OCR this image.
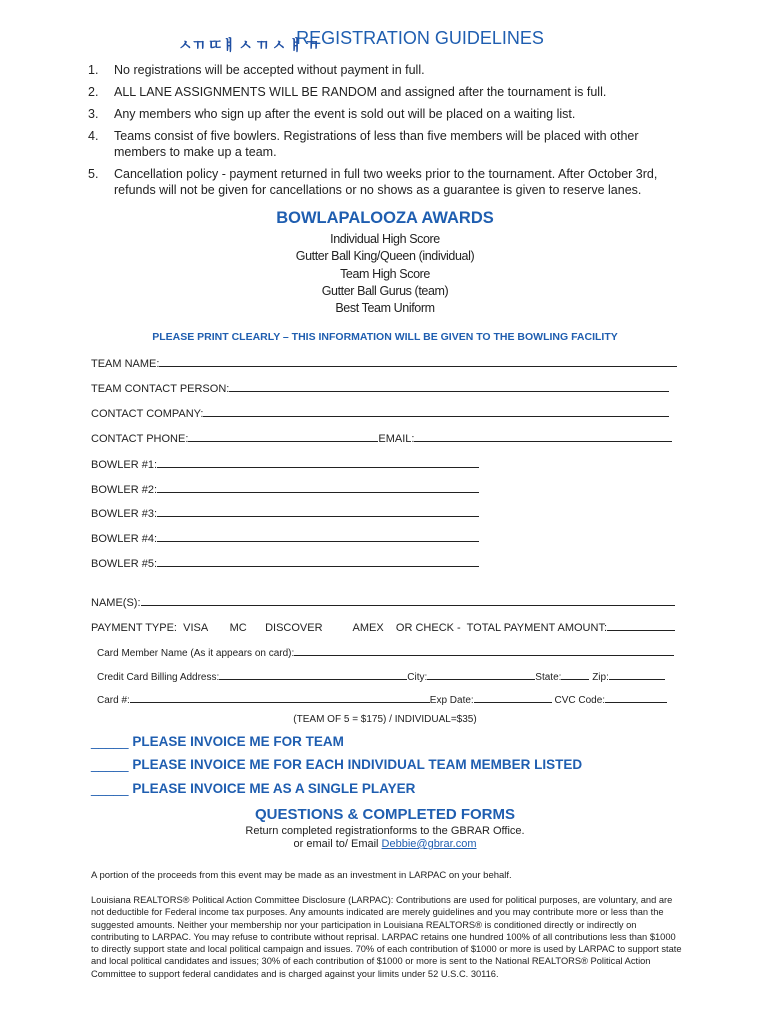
ㅅㄲ ㄸㅒ ㅅ ㄲ ㅅ ㅒ ㄲ
REGISTRATION GUIDELINES
1. No registrations will be accepted without payment in full.
2. ALL LANE ASSIGNMENTS WILL BE RANDOM and assigned after the tournament is full.
3. Any members who sign up after the event is sold out will be placed on a waiting list.
4. Teams consist of five bowlers. Registrations of less than five members will be placed with other members to make up a team.
5. Cancellation policy - payment returned in full two weeks prior to the tournament. After October 3rd, refunds will not be given for cancellations or no shows as a guarantee is given to reserve lanes.
BOWLAPALOOZA AWARDS
Individual High Score
Gutter Ball King/Queen (individual)
Team High Score
Gutter Ball Gurus (team)
Best Team Uniform
PLEASE PRINT CLEARLY – THIS INFORMATION WILL BE GIVEN TO THE BOWLING FACILITY
TEAM NAME:
TEAM CONTACT PERSON:
CONTACT COMPANY:
CONTACT PHONE:	EMAIL:
BOWLER #1:
BOWLER #2:
BOWLER #3:
BOWLER #4:
BOWLER #5:
NAME(S):
PAYMENT TYPE: VISA MC DISCOVER	AMEX OR CHECK - TOTAL PAYMENT AMOUNT:
Card Member Name (As it appears on card):
Credit Card Billing Address:	City:	State:	Zip:
Card #:	Exp Date:	CVC Code:
(TEAM OF 5 = $175) / INDIVIDUAL=$35)
_____ PLEASE INVOICE ME FOR TEAM
_____ PLEASE INVOICE ME FOR EACH INDIVIDUAL TEAM MEMBER LISTED
_____ PLEASE INVOICE ME AS A SINGLE PLAYER
QUESTIONS & COMPLETED FORMS
Return completed registrationforms to the GBRAR Office.
or email to/ Email Debbie@gbrar.com
A portion of the proceeds from this event may be made as an investment in LARPAC on your behalf.
Louisiana REALTORS® Political Action Committee Disclosure (LARPAC): Contributions are used for political purposes, are voluntary, and are not deductible for Federal income tax purposes. Any amounts indicated are merely guidelines and you may contribute more or less than the suggested amounts. Neither your membership nor your participation in Louisiana REALTORS® is conditioned directly or indirectly on contributing to LARPAC. You may refuse to contribute without reprisal. LARPAC retains one hundred 100% of all contributions less than $1000 to directly support state and local political campaign and issues. 70% of each contribution of $1000 or more is used by LARPAC to support state and local political candidates and issues; 30% of each contribution of $1000 or more is sent to the National REALTORS® Political Action Committee to support federal candidates and is charged against your limits under 52 U.S.C. 30116.
